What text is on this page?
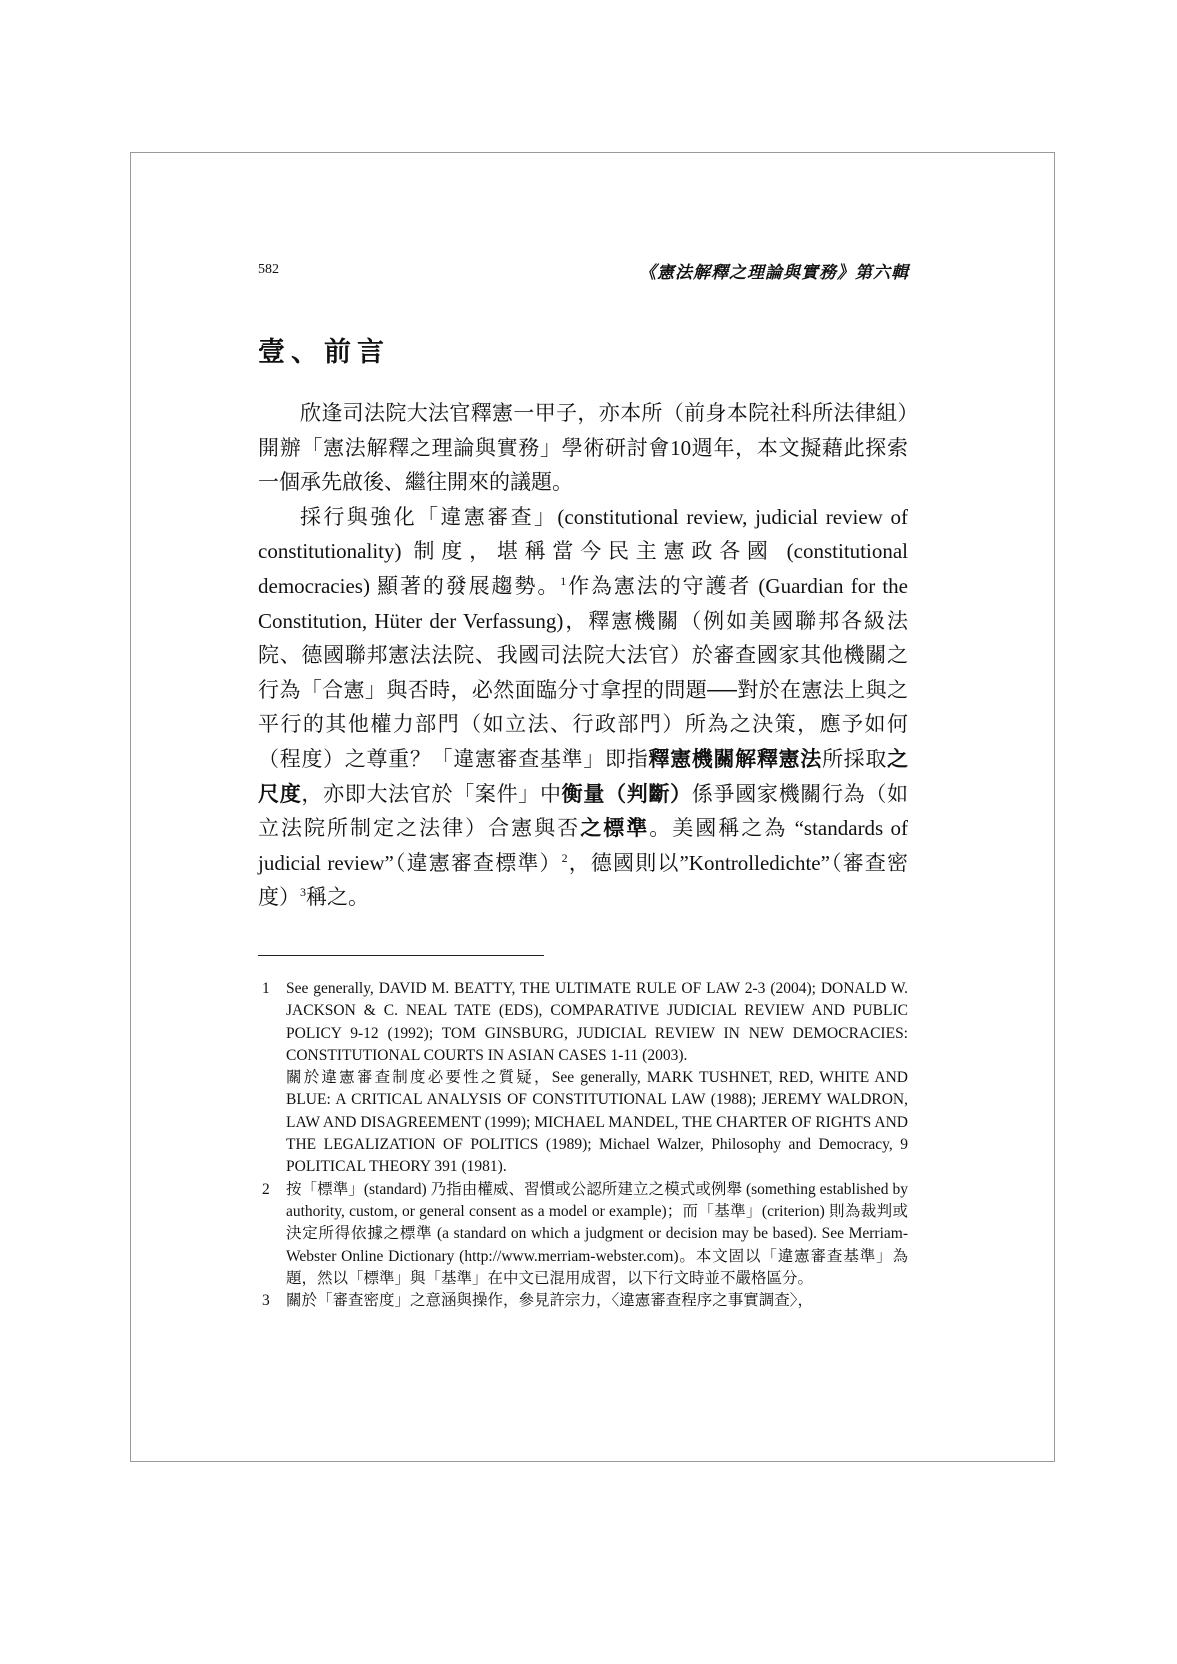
582	《憲法解釋之理論與實務》第六輯
壹、前言

欣逢司法院大法官釋憲一甲子，亦本所（前身本院社科所法律組）開辦「憲法解釋之理論與實務」學術研討會10週年，本文擬藉此探索一個承先啟後、繼往開來的議題。

採行與強化「違憲審查」(constitutional review, judicial review of constitutionality) 制度，堪稱當今民主憲政各國 (constitutional democracies) 顯著的發展趨勢。$^1$作為憲法的守護者 (Guardian for the Constitution, Hüter der Verfassung)，釋憲機關（例如美國聯邦各級法院、德國聯邦憲法法院、我國司法院大法官）於審查國家其他機關之行為「合憲」與否時，必然面臨分寸拿捏的問題──對於在憲法上與之平行的其他權力部門（如立法、行政部門）所為之決策，應予如何（程度）之尊重？「違憲審查基準」即指釋憲機關解釋憲法所採取之尺度，亦即大法官於「案件」中衡量（判斷）係爭國家機關行為（如立法院所制定之法律）合憲與否之標準。美國稱之為 “standards of judicial review”（違憲審查標準）$^2$，德國則以”Kontrolledichte”（審查密度）$^3$稱之。

1 See generally, DAVID M. BEATTY, THE ULTIMATE RULE OF LAW 2-3 (2004); DONALD W. JACKSON & C. NEAL TATE (EDS), COMPARATIVE JUDICIAL REVIEW AND PUBLIC POLICY 9-12 (1992); TOM GINSBURG, JUDICIAL REVIEW IN NEW DEMOCRACIES: CONSTITUTIONAL COURTS IN ASIAN CASES 1-11 (2003).

關於違憲審查制度必要性之質疑，See generally, MARK TUSHNET, RED, WHITE AND BLUE: A CRITICAL ANALYSIS OF CONSTITUTIONAL LAW (1988); JEREMY WALDRON, LAW AND DISAGREEMENT (1999); MICHAEL MANDEL, THE CHARTER OF RIGHTS AND THE LEGALIZATION OF POLITICS (1989); Michael Walzer, Philosophy and Democracy, 9 POLITICAL THEORY 391 (1981).

2 按「標準」(standard) 乃指由權威、習慣或公認所建立之模式或例舉 (something established by authority, custom, or general consent as a model or example)；而「基準」(criterion) 則為裁判或決定所得依據之標準 (a standard on which a judgment or decision may be based). See Merriam-Webster Online Dictionary (http://www.merriam-webster.com)。本文固以「違憲審查基準」為題，然以「標準」與「基準」在中文已混用成習，以下行文時並不嚴格區分。

3 關於「審查密度」之意涵與操作，參見許宗力，〈違憲審查程序之事實調查〉，
